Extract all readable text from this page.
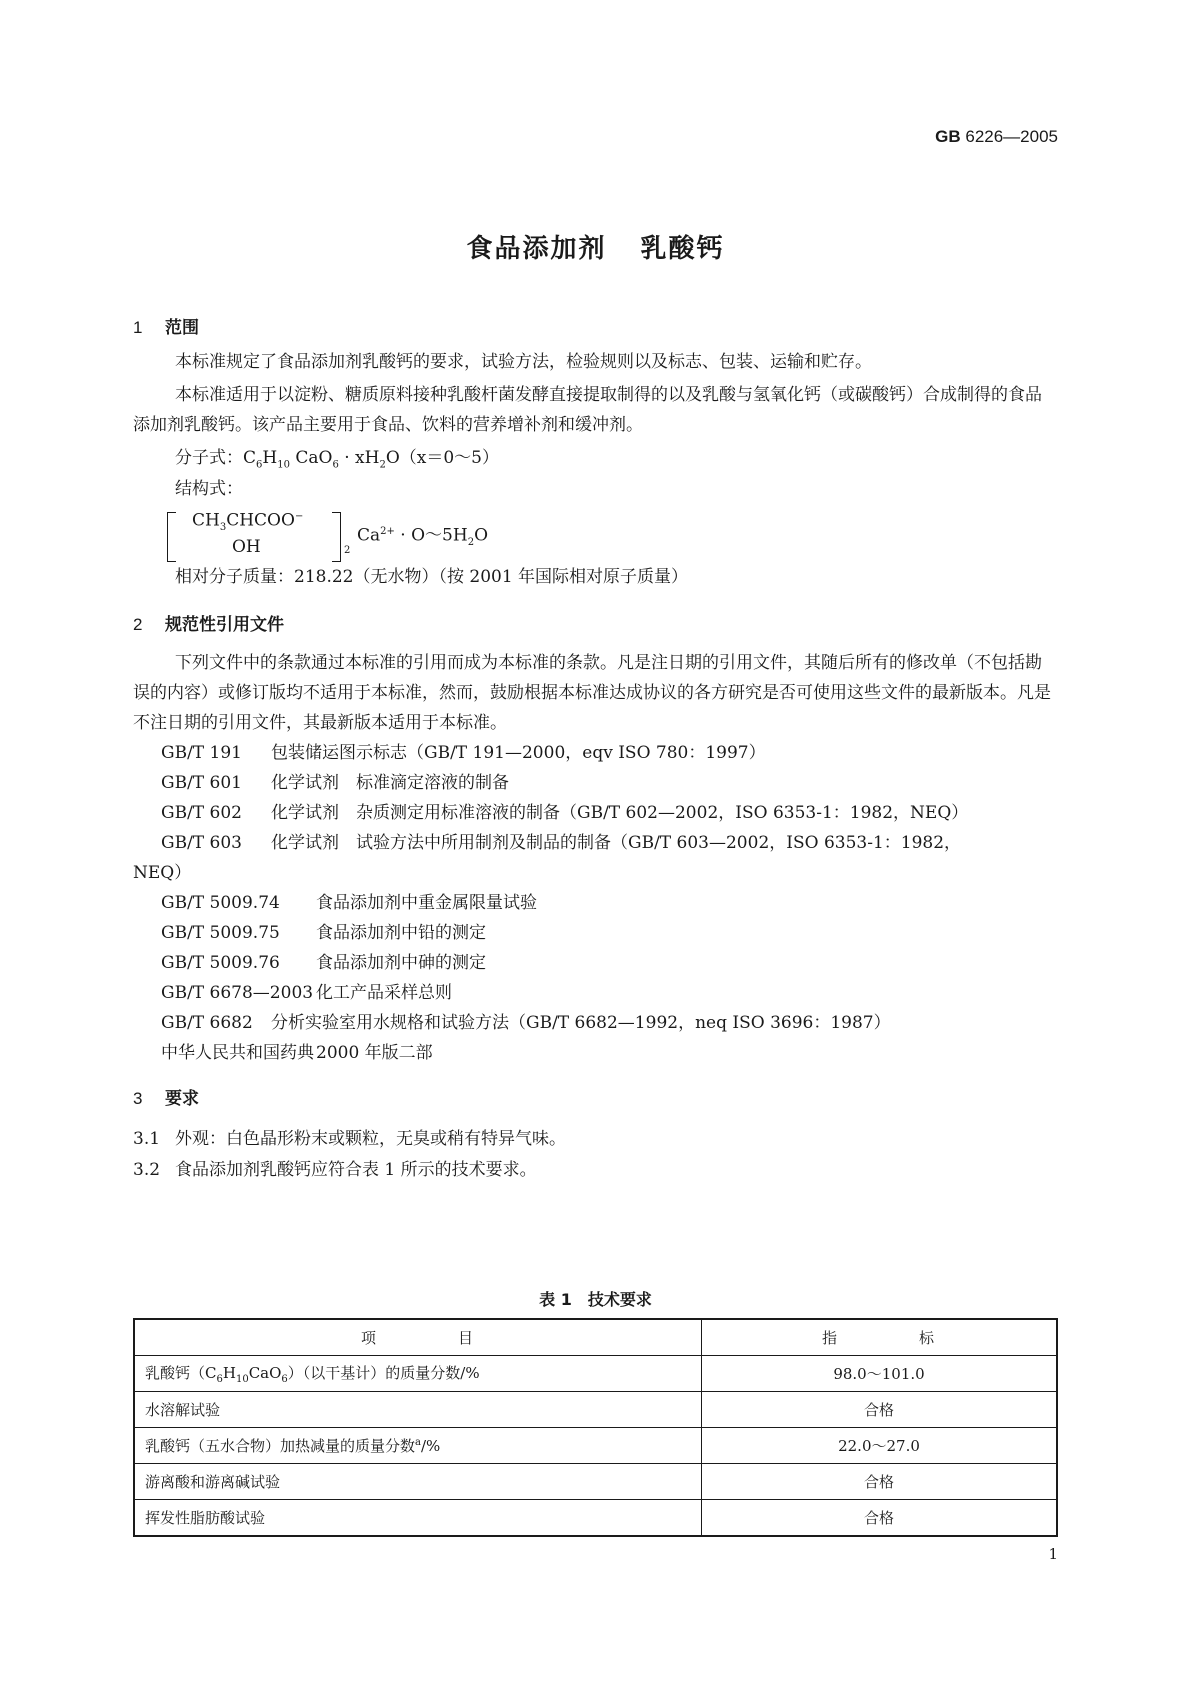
GB 6226—2005
食品添加剂 乳酸钙
1 范围
本标准规定了食品添加剂乳酸钙的要求，试验方法，检验规则以及标志、包装、运输和贮存。
本标准适用于以淀粉、糖质原料接种乳酸杆菌发酵直接提取制得的以及乳酸与氢氧化钙（或碳酸钙）合成制得的食品添加剂乳酸钙。该产品主要用于食品、饮料的营养增补剂和缓冲剂。
分子式：$C_6H_{10}$ $CaO_6 \cdot xH_2O(x=0\sim 5)$
结构式：
$CH_3CHCOO^-$
OH	2
$Ca^{2+}$ · $O\sim 5H_2O$
相对分子质量：218.22（无水物）（按 2001 年国际相对原子质量）
2 规范性引用文件
下列文件中的条款通过本标准的引用而成为本标准的条款。凡是注日期的引用文件，其随后所有的修改单（不包括勘误的内容）或修订版均不适用于本标准，然而，鼓励根据本标准达成协议的各方研究是否可使用这些文件的最新版本。凡是不注日期的引用文件，其最新版本适用于本标准。
GB/T 191 包装储运图示标志（GB/T 191—2000，eqv ISO 780：1997）
GB/T 601 化学试剂　标准滴定溶液的制备
GB/T 602 化学试剂　杂质测定用标准溶液的制备（GB/T 602—2002，ISO 6353-1：1982，NEQ）
GB/T 603 化学试剂　试验方法中所用制剂及制品的制备（GB/T 603—2002，ISO 6353-1：1982，
NEQ）
GB/T 5009.74 食品添加剂中重金属限量试验
GB/T 5009.75 食品添加剂中铅的测定
GB/T 5009.76 食品添加剂中砷的测定
GB/T 6678—2003 化工产品采样总则
GB/T 6682 分析实验室用水规格和试验方法（GB/T 6682—1992，neq ISO 3696：1987）
中华人民共和国药典 2000 年版二部
3 要求
3.1 外观：白色晶形粉末或颗粒，无臭或稍有特异气味。
3.2 食品添加剂乳酸钙应符合表 1 所示的技术要求。
表 1　技术要求
项 目	指 标
乳酸钙$(C_6H_{10}CaO_6)$（以干基计）的质量分数/%	98.0～101.0
水溶解试验	合格
乳酸钙（五水合物）加热减量的质量分数$^a$/%	22.0～27.0
游离酸和游离碱试验	合格
挥发性脂肪酸试验	合格
1
